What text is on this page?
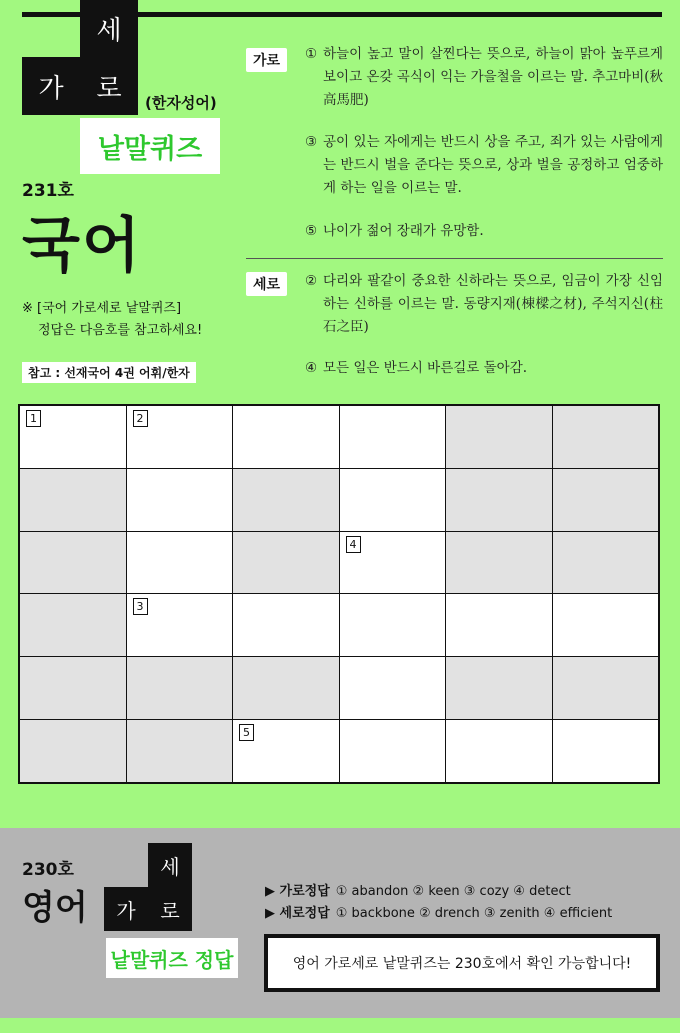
세
가	로	(한자성어)
낱말퀴즈
231호
국어
※ [국어 가로세로 낱말퀴즈]
정답은 다음호를 참고하세요!
참고 : 선재국어 4권 어휘/한자
가로	① 하늘이 높고 말이 살찐다는 뜻으로, 하늘이 맑아 높푸르게 보이고 온갖 곡식이 익는 가을철을 이르는 말. 추고마비(秋高馬肥)
③ 공이 있는 자에게는 반드시 상을 주고, 죄가 있는 사람에게는 반드시 벌을 준다는 뜻으로, 상과 벌을 공정하고 엄중하게 하는 일을 이르는 말.
⑤ 나이가 젊어 장래가 유망함.
세로	② 다리와 팔같이 중요한 신하라는 뜻으로, 임금이 가장 신임하는 신하를 이르는 말. 동량지재(棟樑之材), 주석지신(柱石之臣)
④ 모든 일은 반드시 바른길로 돌아감.
1	2
4
3
5
230호
영어
세
가	로
낱말퀴즈 정답
▶ 가로정답 ① abandon ② keen ③ cozy ④ detect
▶ 세로정답 ① backbone ② drench ③ zenith ④ efficient
영어 가로세로 낱말퀴즈는 230호에서 확인 가능합니다!
